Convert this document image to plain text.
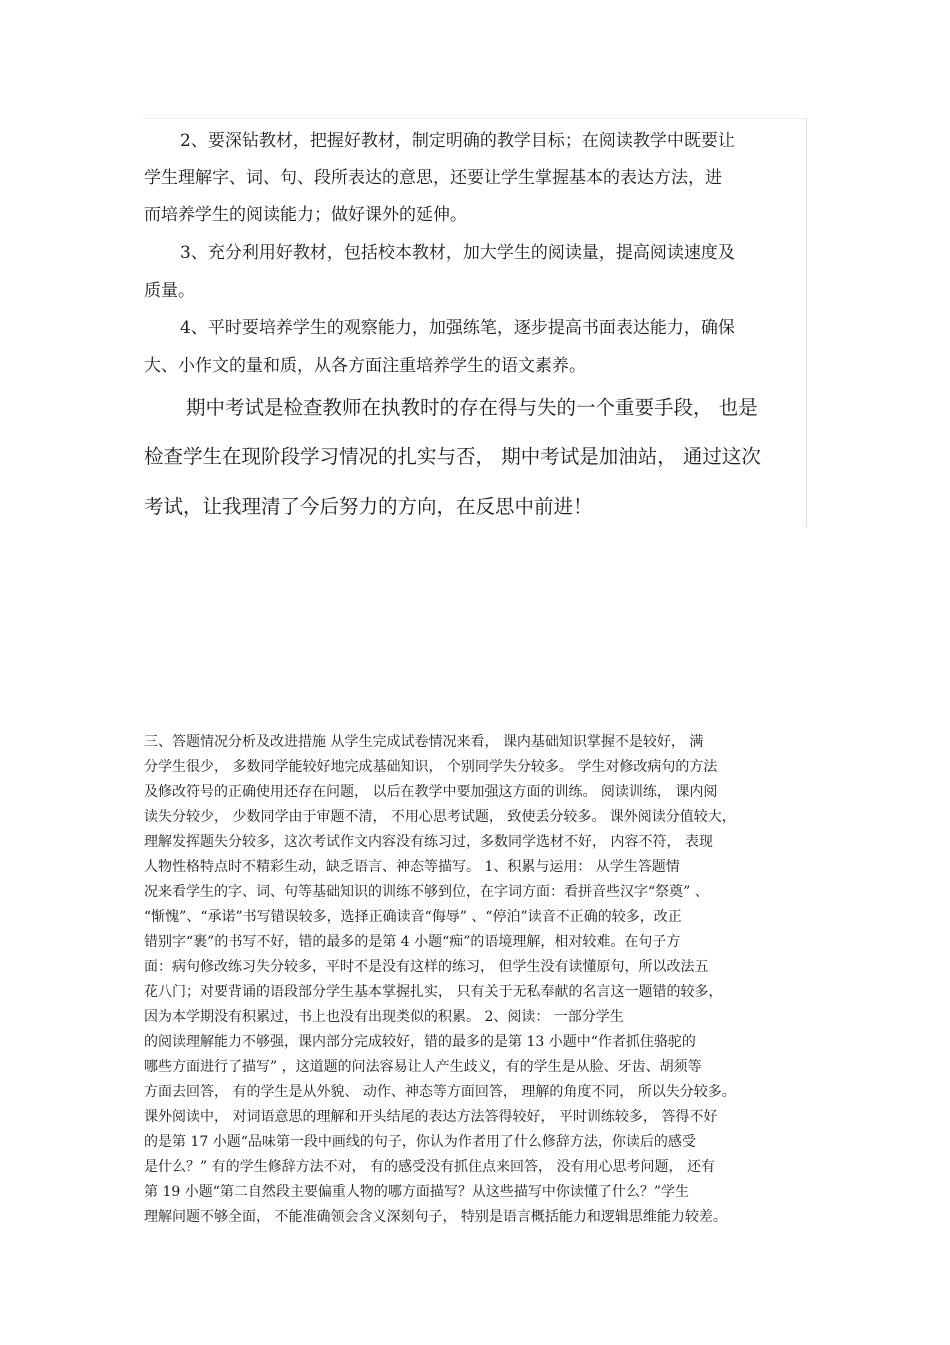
2、要深钻教材，把握好教材，制定明确的教学目标；在阅读教学中既要让
学生理解字、词、句、段所表达的意思，还要让学生掌握基本的表达方法，进
而培养学生的阅读能力；做好课外的延伸。
3、充分利用好教材，包括校本教材，加大学生的阅读量，提高阅读速度及
质量。
4、平时要培养学生的观察能力，加强练笔，逐步提高书面表达能力，确保
大、小作文的量和质，从各方面注重培养学生的语文素养。
期中考试是检查教师在执教时的存在得与失的一个重要手段， 也是
检查学生在现阶段学习情况的扎实与否， 期中考试是加油站， 通过这次
考试，让我理清了今后努力的方向，在反思中前进！
三、答题情况分析及改进措施 从学生完成试卷情况来看， 课内基础知识掌握不是较好， 满
分学生很少， 多数同学能较好地完成基础知识， 个别同学失分较多。 学生对修改病句的方法
及修改符号的正确使用还存在问题， 以后在教学中要加强这方面的训练。 阅读训练， 课内阅
读失分较少， 少数同学由于审题不清， 不用心思考试题， 致使丢分较多。 课外阅读分值较大，
理解发挥题失分较多，这次考试作文内容没有练习过，多数同学选材不好， 内容不符， 表现
人物性格特点时不精彩生动，缺乏语言、神态等描写。 1、积累与运用： 从学生答题情
况来看学生的字、词、句等基础知识的训练不够到位，在字词方面：看拼音些汉字“祭奠” 、
“惭愧”、“承诺”书写错误较多，选择正确读音“侮辱” 、“停泊”读音不正确的较多，改正
错别字“裹”的书写不好，错的最多的是第 4 小题“痴”的语境理解，相对较难。在句子方
面：病句修改练习失分较多，平时不是没有这样的练习， 但学生没有读懂原句，所以改法五
花八门；对要背诵的语段部分学生基本掌握扎实， 只有关于无私奉献的名言这一题错的较多，
因为本学期没有积累过，书上也没有出现类似的积累。 2、阅读： 一部分学生
的阅读理解能力不够强，课内部分完成较好，错的最多的是第 13 小题中“作者抓住骆驼的
哪些方面进行了描写” ，这道题的问法容易让人产生歧义，有的学生是从脸、牙齿、胡须等
方面去回答， 有的学生是从外貌、 动作、神态等方面回答， 理解的角度不同， 所以失分较多。
课外阅读中， 对词语意思的理解和开头结尾的表达方法答得较好， 平时训练较多， 答得不好
的是第 17 小题“品味第一段中画线的句子，你认为作者用了什么修辞方法，你读后的感受
是什么？” 有的学生修辞方法不对， 有的感受没有抓住点来回答， 没有用心思考问题， 还有
第 19 小题“第二自然段主要偏重人物的哪方面描写？从这些描写中你读懂了什么？”学生
理解问题不够全面， 不能准确领会含义深刻句子， 特别是语言概括能力和逻辑思维能力较差。
